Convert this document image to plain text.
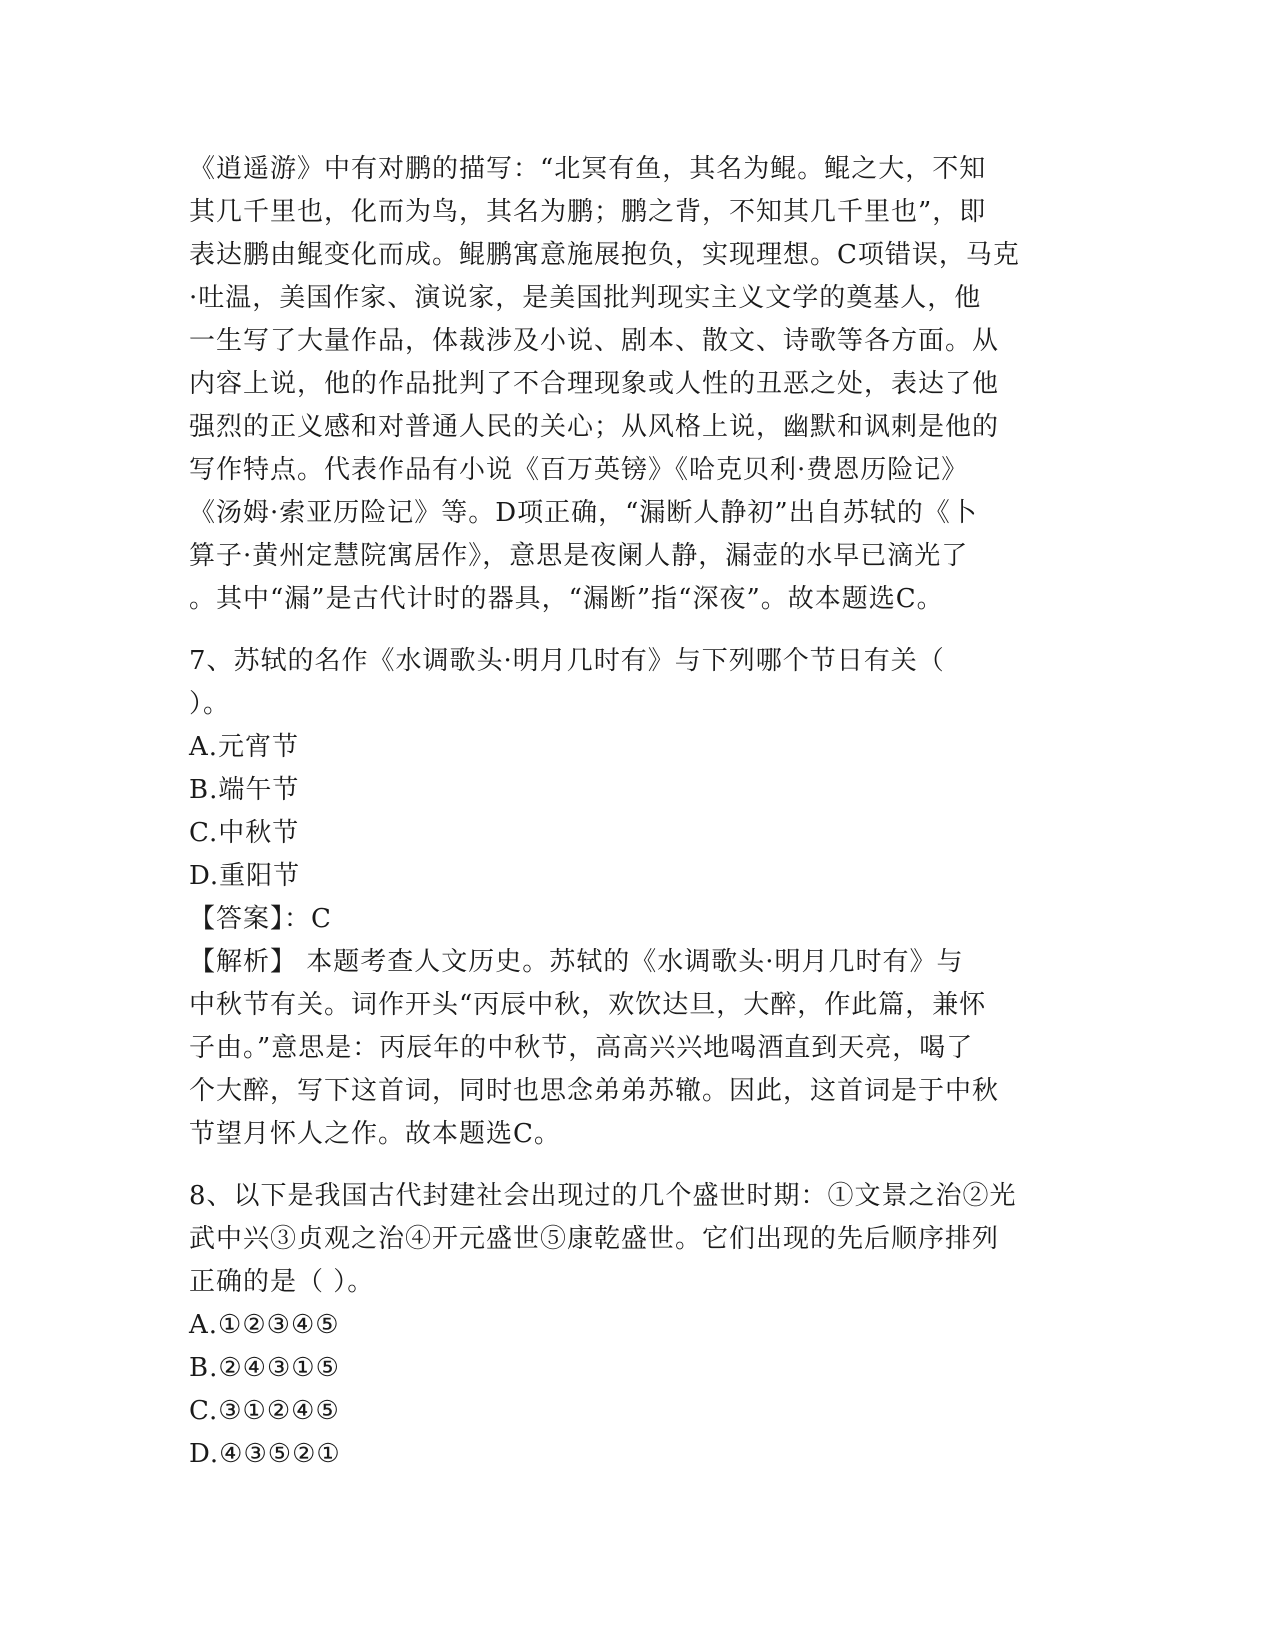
《逍遥游》中有对鹏的描写：“北冥有鱼，其名为鲲。鲲之大，不知
其几千里也，化而为鸟，其名为鹏；鹏之背，不知其几千里也”，即
表达鹏由鲲变化而成。鲲鹏寓意施展抱负，实现理想。C项错误，马克
·吐温，美国作家、演说家，是美国批判现实主义文学的奠基人，他
一生写了大量作品，体裁涉及小说、剧本、散文、诗歌等各方面。从
内容上说，他的作品批判了不合理现象或人性的丑恶之处，表达了他
强烈的正义感和对普通人民的关心；从风格上说，幽默和讽刺是他的
写作特点。代表作品有小说《百万英镑》《哈克贝利·费恩历险记》
《汤姆·索亚历险记》等。D项正确，“漏断人静初”出自苏轼的《卜
算子·黄州定慧院寓居作》，意思是夜阑人静，漏壶的水早已滴光了
。其中“漏”是古代计时的器具，“漏断”指“深夜”。故本题选C。
7、苏轼的名作《水调歌头·明月几时有》与下列哪个节日有关（
）。
A.元宵节
B.端午节
C.中秋节
D.重阳节
【答案】：C
【解析】 本题考查人文历史。苏轼的《水调歌头·明月几时有》与
中秋节有关。词作开头“丙辰中秋，欢饮达旦，大醉，作此篇，兼怀
子由。”意思是：丙辰年的中秋节，高高兴兴地喝酒直到天亮，喝了
个大醉，写下这首词，同时也思念弟弟苏辙。因此，这首词是于中秋
节望月怀人之作。故本题选C。
8、以下是我国古代封建社会出现过的几个盛世时期：①文景之治②光
武中兴③贞观之治④开元盛世⑤康乾盛世。它们出现的先后顺序排列
正确的是（ ）。
A.①②③④⑤
B.②④③①⑤
C.③①②④⑤
D.④③⑤②①
